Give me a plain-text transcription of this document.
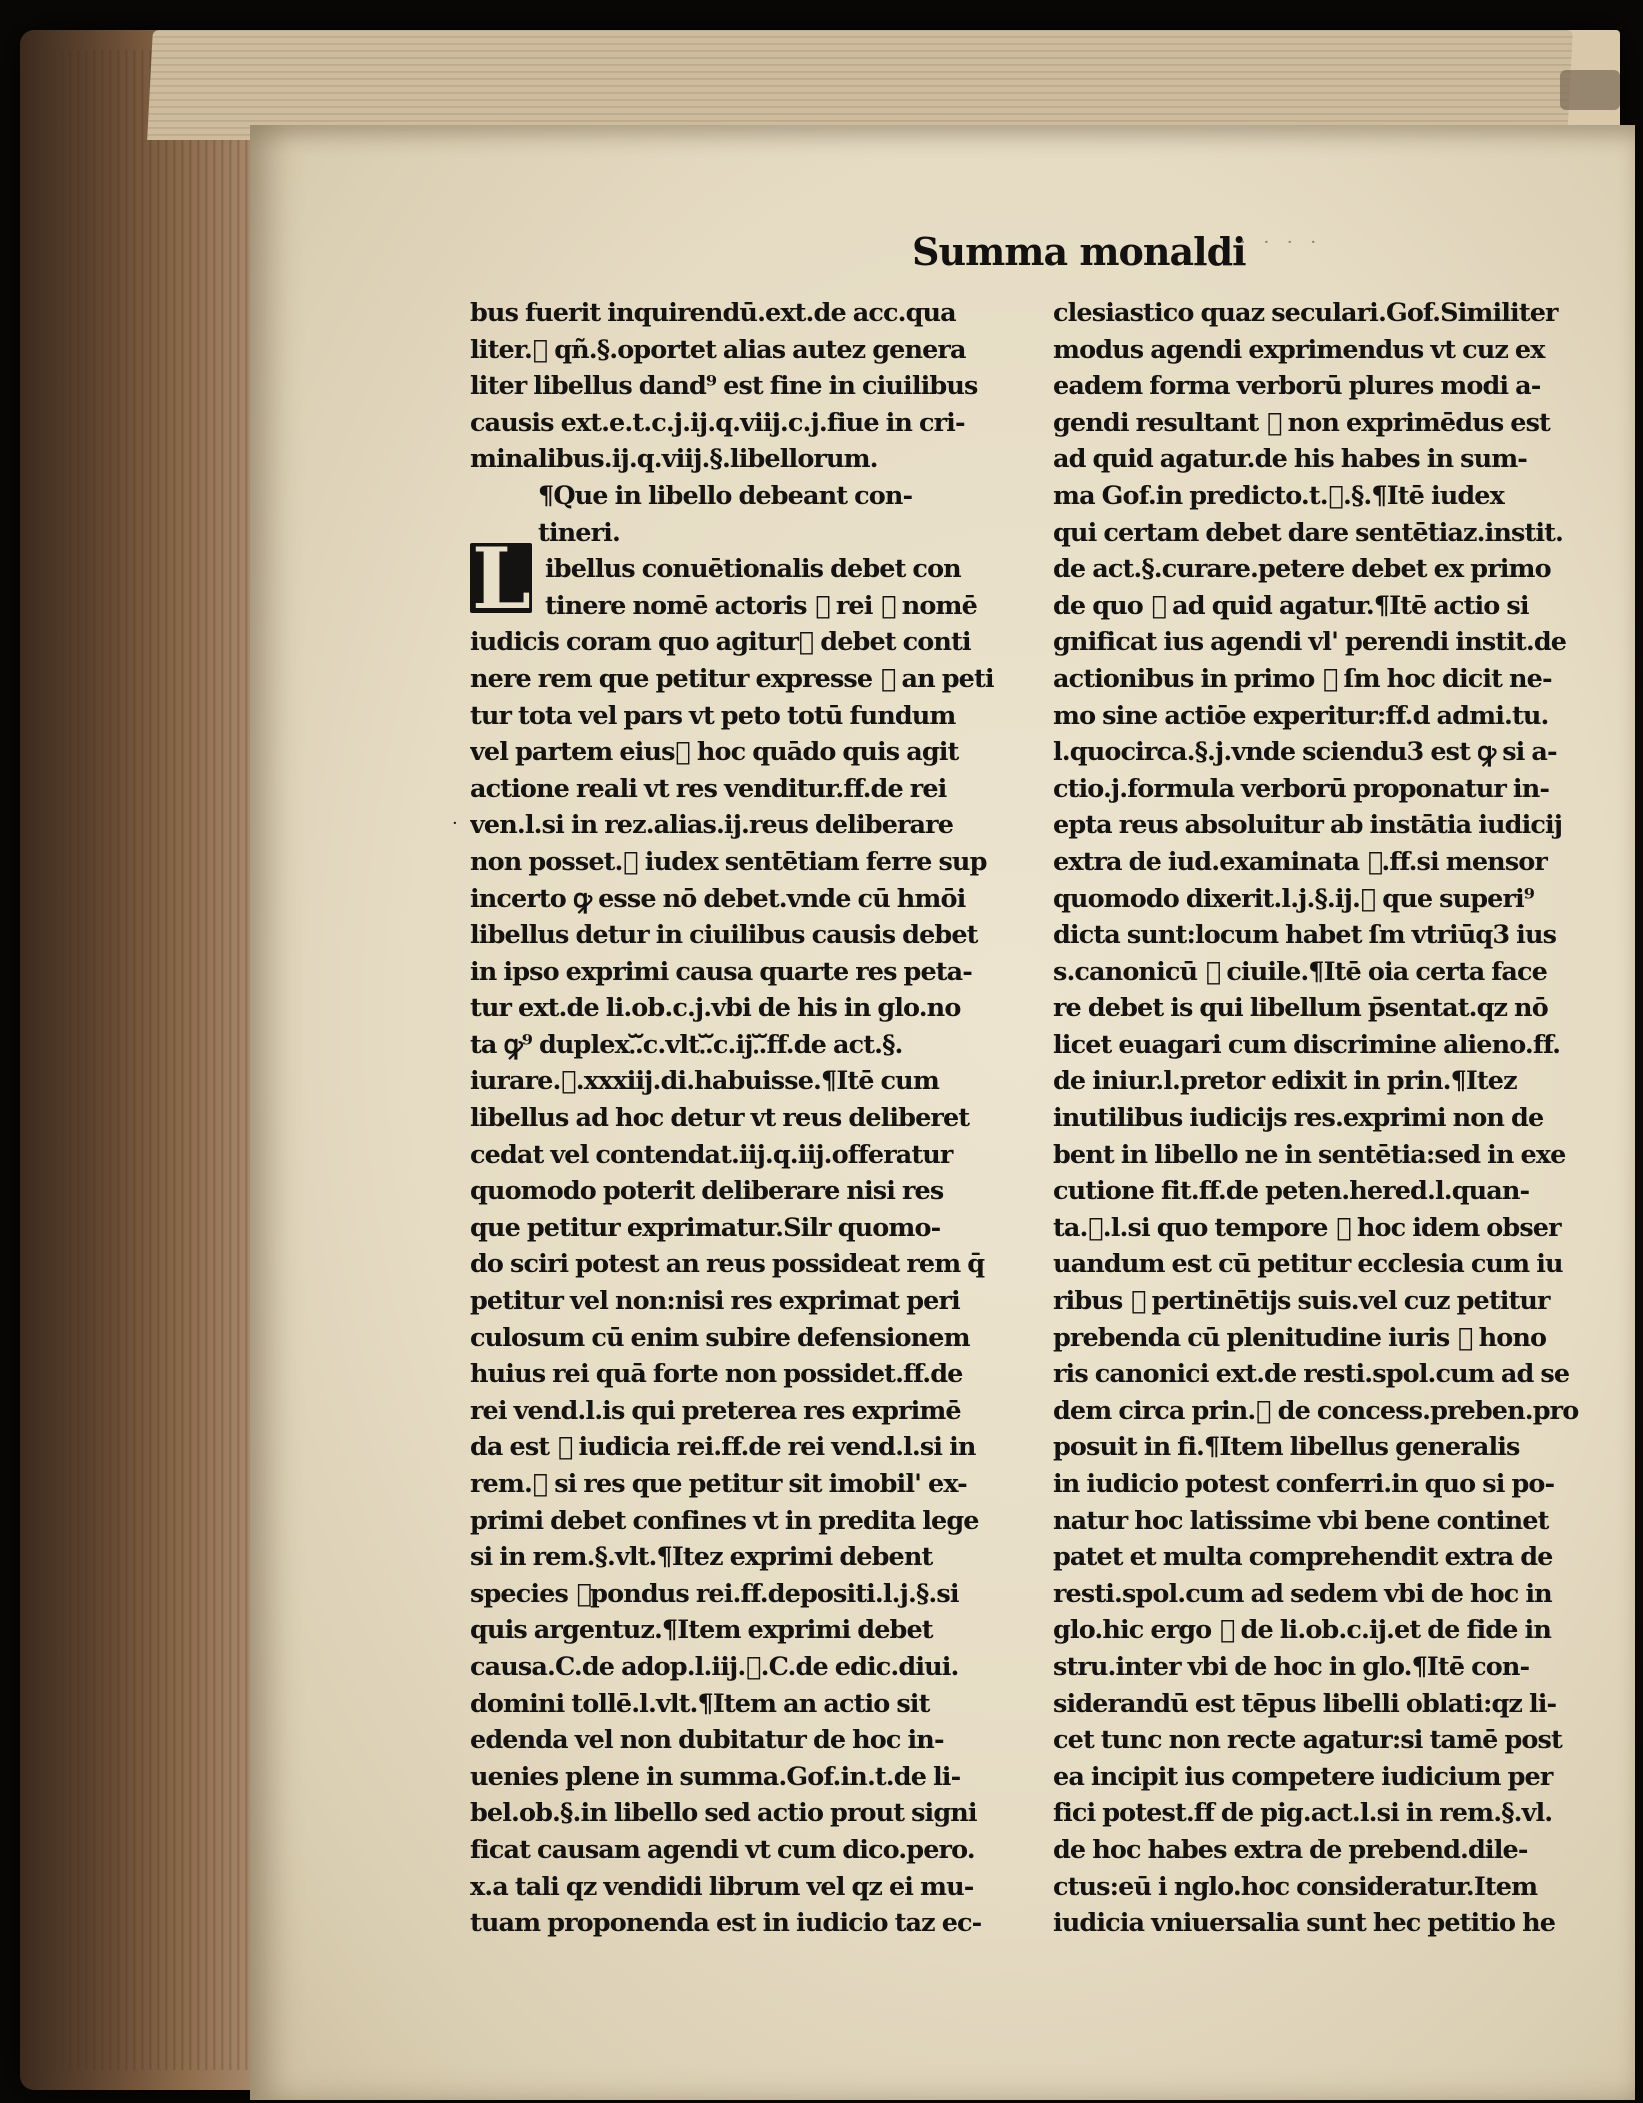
Summa monaldi
· · · ·
L
bus fuerit inquirendū.ext.de acc.qua
liter.ᷓ qñ.§.oportet alias autez genera
liter libellus dand⁹ est fine in ciuilibus
causis ext.e.t.c.j.ij.q.viij.c.j.fiue in cri-
minalibus.ij.q.viij.§.libellorum.
¶Que in libello debeant con-
tineri.
ibellus conuētionalis debet con
tinere nomē actoris ᷓ rei ᷓ nomē
iudicis coram quo agiturᷓ debet conti
nere rem que petitur expresse ᷓ an peti
tur tota vel pars vt peto totū fundum
vel partem eiusᷓ hoc quādo quis agit
actione reali vt res venditur.ff.de rei
ven.l.si in rez.alias.ij.reus deliberare
non posset.ᷓ iudex sentētiam ferre sup
incerto ꝙ esse nō debet.vnde cū hmōi
libellus detur in ciuilibus causis debet
in ipso exprimi causa quarte res peta-
tur ext.de li.ob.c.j.vbi de his in glo.no
ta ꝙ⁹ duplex.ᷓ.c.vlt.ᷓ.c.ij.ᷓ.ff.de act.§.
iurare.ᷓ.xxxiij.di.habuisse.¶Itē cum
libellus ad hoc detur vt reus deliberet
cedat vel contendat.iij.q.iij.offeratur
quomodo poterit deliberare nisi res
que petitur exprimatur.Silr quomo-
do sciri potest an reus possideat rem q̄
petitur vel non:nisi res exprimat peri
culosum cū enim subire defensionem
huius rei quā forte non possidet.ff.de
rei vend.l.is qui preterea res exprimē
da est ᷓ iudicia rei.ff.de rei vend.l.si in
rem.ᷓ si res que petitur sit imobil' ex-
primi debet confines vt in predita lege
si in rem.§.vlt.¶Itez exprimi debent
species ᷓpondus rei.ff.depositi.l.j.§.si
quis argentuz.¶Item exprimi debet
causa.C.de adop.l.iij.ᷓ.C.de edic.diui.
domini tollē.l.vlt.¶Item an actio sit
edenda vel non dubitatur de hoc in-
uenies plene in summa.Gof.in.t.de li-
bel.ob.§.in libello sed actio prout signi
ficat causam agendi vt cum dico.pero.
x.a tali qz vendidi librum vel qz ei mu-
tuam proponenda est in iudicio taz ec-
·
clesiastico quaz seculari.Gof.Similiter
modus agendi exprimendus vt cuz ex
eadem forma verborū plures modi a-
gendi resultant ᷓ non exprimēdus est
ad quid agatur.de his habes in sum-
ma Gof.in predicto.t.ᷓ.§.¶Itē iudex
qui certam debet dare sentētiaz.instit.
de act.§.curare.petere debet ex primo
de quo ᷓ ad quid agatur.¶Itē actio si
gnificat ius agendi vl' perendi instit.de
actionibus in primo ᷓ ſm hoc dicit ne-
mo sine actiōe experitur:ff.d admi.tu.
l.quocirca.§.j.vnde sciendu3 est ꝙ si a-
ctio.j.formula verborū proponatur in-
epta reus absoluitur ab instātia iudicij
extra de iud.examinata ᷓ.ff.si mensor
quomodo dixerit.l.j.§.ij.ᷓ que superi⁹
dicta sunt:locum habet ſm vtriūq3 ius
s.canonicū ᷓ ciuile.¶Itē oia certa face
re debet is qui libellum p̄sentat.qz nō
licet euagari cum discrimine alieno.ff.
de iniur.l.pretor edixit in prin.¶Itez
inutilibus iudicijs res.exprimi non de
bent in libello ne in sentētia:sed in exe
cutione fit.ff.de peten.hered.l.quan-
ta.ᷓ.l.si quo tempore ᷓ hoc idem obser
uandum est cū petitur ecclesia cum iu
ribus ᷓ pertinētijs suis.vel cuz petitur
prebenda cū plenitudine iuris ᷓ hono
ris canonici ext.de resti.spol.cum ad se
dem circa prin.ᷓ de concess.preben.pro
posuit in fi.¶Item libellus generalis
in iudicio potest conferri.in quo si po-
natur hoc latissime vbi bene continet
patet et multa comprehendit extra de
resti.spol.cum ad sedem vbi de hoc in
glo.hic ergo ᷓ de li.ob.c.ij.et de fide in
stru.inter vbi de hoc in glo.¶Itē con-
siderandū est tēpus libelli oblati:qz li-
cet tunc non recte agatur:si tamē post
ea incipit ius competere iudicium per
fici potest.ff de pig.act.l.si in rem.§.vl.
de hoc habes extra de prebend.dile-
ctus:eū i nglo.hoc consideratur.Item
iudicia vniuersalia sunt hec petitio he
